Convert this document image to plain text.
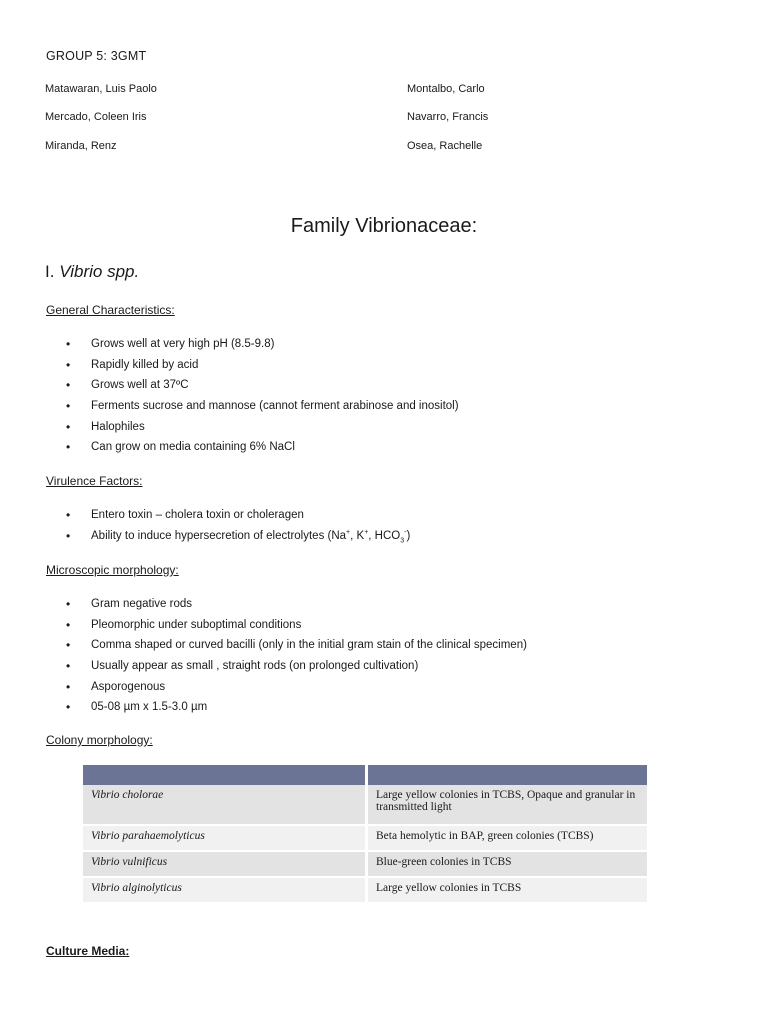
GROUP 5: 3GMT
Matawaran, Luis Paolo
Mercado, Coleen Iris
Miranda, Renz
Montalbo, Carlo
Navarro, Francis
Osea, Rachelle
Family Vibrionaceae:
I. Vibrio spp.
General Characteristics:
• Grows well at very high pH (8.5-9.8)
• Rapidly killed by acid
• Grows well at 37ºC
• Ferments sucrose and mannose (cannot ferment arabinose and inositol)
• Halophiles
• Can grow on media containing 6% NaCl
Virulence Factors:
• Entero toxin – cholera toxin or choleragen
• Ability to induce hypersecretion of electrolytes (Na+, K+, $HCO_3^-$)
Microscopic morphology:
• Gram negative rods
• Pleomorphic under suboptimal conditions
• Comma shaped or curved bacilli (only in the initial gram stain of the clinical specimen)
• Usually appear as small , straight rods (on prolonged cultivation)
• Asporogenous
• 05-08 µm x 1.5-3.0 µm
Colony morphology:

Vibrio cholorae	Large yellow colonies in TCBS, Opaque and granular in transmitted light
Vibrio parahaemolyticus	Beta hemolytic in BAP, green colonies (TCBS)
Vibrio vulnificus	Blue-green colonies in TCBS
Vibrio alginolyticus	Large yellow colonies in TCBS
Culture Media:
